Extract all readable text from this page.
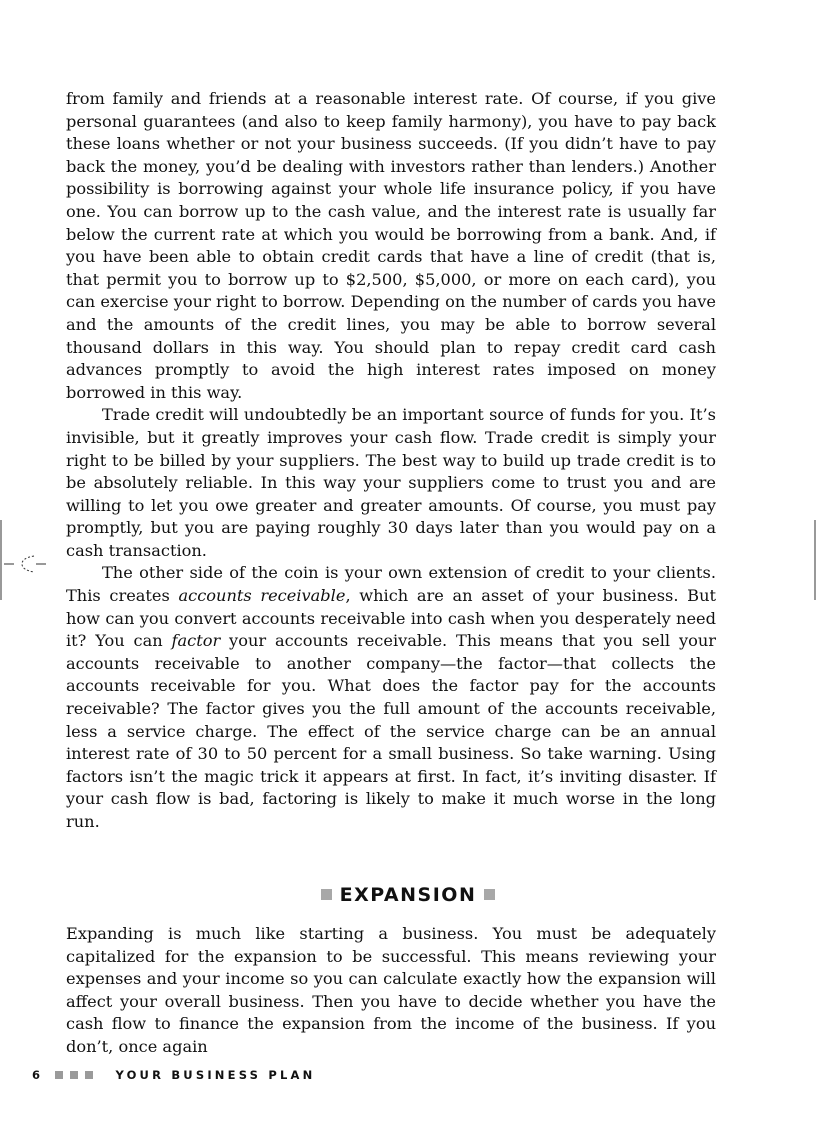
from family and friends at a reasonable interest rate. Of course, if you give personal guarantees (and also to keep family harmony), you have to pay back these loans whether or not your business succeeds. (If you didn’t have to pay back the money, you’d be dealing with investors rather than lenders.) Another possibility is borrowing against your whole life insurance policy, if you have one. You can borrow up to the cash value, and the interest rate is usually far below the current rate at which you would be borrowing from a bank. And, if you have been able to obtain credit cards that have a line of credit (that is, that permit you to borrow up to $2,500, $5,000, or more on each card), you can exercise your right to borrow. Depending on the number of cards you have and the amounts of the credit lines, you may be able to borrow several thousand dollars in this way. You should plan to repay credit card cash advances promptly to avoid the high interest rates imposed on money borrowed in this way.

Trade credit will undoubtedly be an important source of funds for you. It’s invisible, but it greatly improves your cash flow. Trade credit is simply your right to be billed by your suppliers. The best way to build up trade credit is to be absolutely reliable. In this way your suppliers come to trust you and are willing to let you owe greater and greater amounts. Of course, you must pay promptly, but you are paying roughly 30 days later than you would pay on a cash transaction.

The other side of the coin is your own extension of credit to your clients. This creates accounts receivable, which are an asset of your business. But how can you convert accounts receivable into cash when you desperately need it? You can factor your accounts receivable. This means that you sell your accounts receivable to another company—the factor—that collects the accounts receivable for you. What does the factor pay for the accounts receivable? The factor gives you the full amount of the accounts receivable, less a service charge. The effect of the service charge can be an annual interest rate of 30 to 50 percent for a small business. So take warning. Using factors isn’t the magic trick it appears at first. In fact, it’s inviting disaster. If your cash flow is bad, factoring is likely to make it much worse in the long run.

EXPANSION

Expanding is much like starting a business. You must be adequately capitalized for the expansion to be successful. This means reviewing your expenses and your income so you can calculate exactly how the expansion will affect your overall business. Then you have to decide whether you have the cash flow to finance the expansion from the income of the business. If you don’t, once again

6	YOUR BUSINESS PLAN
